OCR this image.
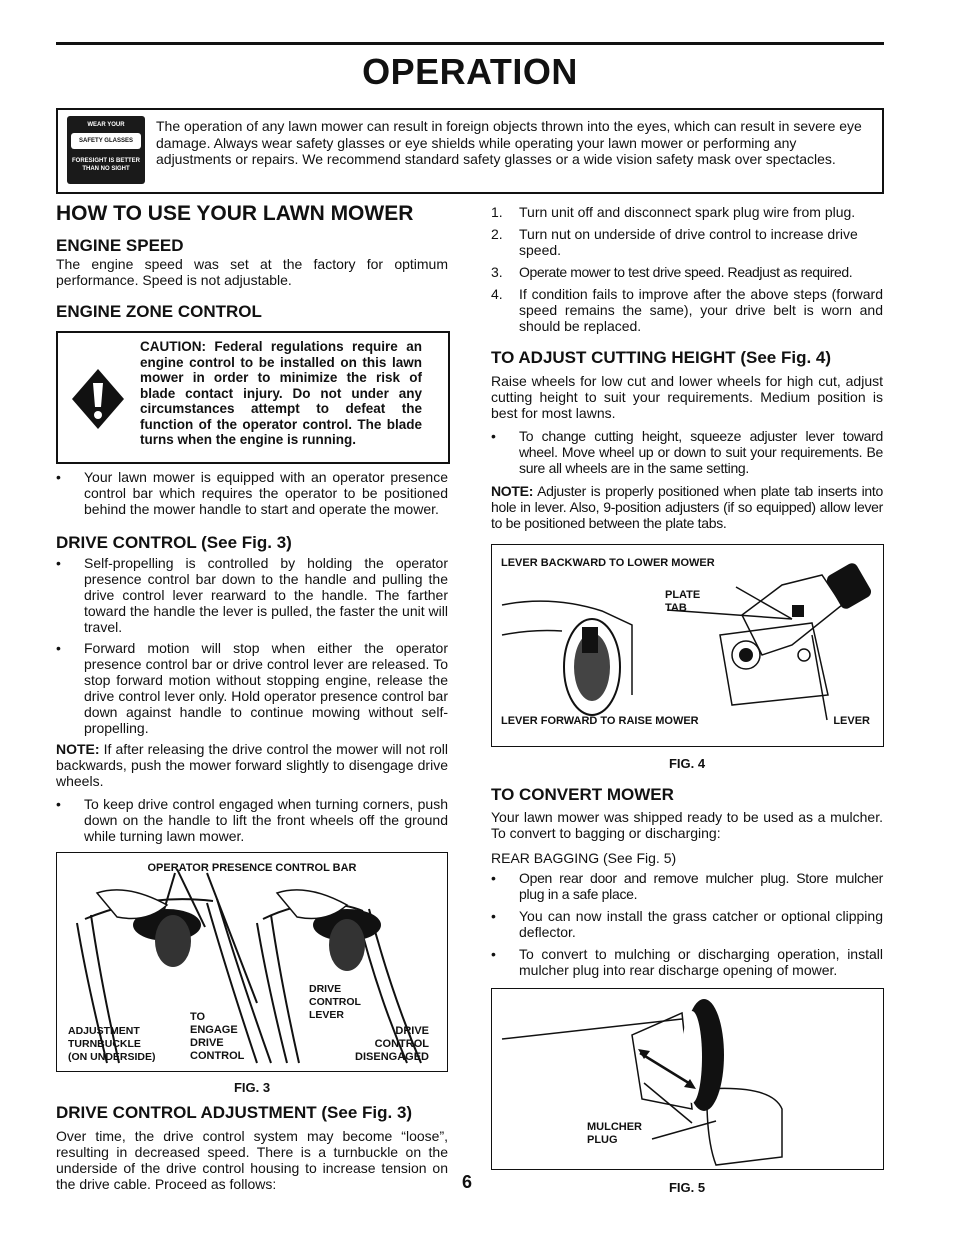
OPERATION
WEAR YOUR
SAFETY GLASSES
FORESIGHT IS BETTER
THAN NO SIGHT
The operation of any lawn mower can result in foreign objects thrown into the eyes, which can result in severe eye damage. Always wear safety glasses or eye shields while operating your lawn mower or performing any adjustments or repairs. We recommend standard safety glasses or a wide vision safety mask over spectacles.
HOW TO USE YOUR LAWN MOWER
ENGINE SPEED
The engine speed was set at the factory for optimum performance. Speed is not adjustable.
ENGINE ZONE CONTROL
CAUTION: Federal regulations require an engine control to be installed on this lawn mower in order to minimize the risk of blade contact injury. Do not under any circumstances attempt to defeat the function of the operator control. The blade turns when the engine is running.
• Your lawn mower is equipped with an operator presence control bar which requires the operator to be positioned behind the mower handle to start and operate the mower.
DRIVE CONTROL (See Fig. 3)
• Self-propelling is controlled by holding the operator presence control bar down to the handle and pulling the drive control lever rearward to the handle. The farther toward the handle the lever is pulled, the faster the unit will travel.
• Forward motion will stop when either the operator presence control bar or drive control lever are released. To stop forward motion without stopping engine, release the drive control lever only. Hold operator presence control bar down against handle to continue mowing without self-propelling.
NOTE: If after releasing the drive control the mower will not roll backwards, push the mower forward slightly to disengage drive wheels.
• To keep drive control engaged when turning corners, push down on the handle to lift the front wheels off the ground while turning lawn mower.
OPERATOR PRESENCE CONTROL BAR
ADJUSTMENT
TURNBUCKLE
(ON UNDERSIDE)
TO
ENGAGE
DRIVE
CONTROL
DRIVE
CONTROL
LEVER
DRIVE
CONTROL
DISENGAGED
FIG. 3
DRIVE CONTROL ADJUSTMENT (See Fig. 3)
Over time, the drive control system may become “loose”, resulting in decreased speed. There is a turnbuckle on the underside of the drive control housing to increase tension on the drive cable. Proceed as follows:	6
1. Turn unit off and disconnect spark plug wire from plug.
2. Turn nut on underside of drive control to increase drive speed.
3. Operate mower to test drive speed. Readjust as required.
4. If condition fails to improve after the above steps (forward speed remains the same), your drive belt is worn and should be replaced.
TO ADJUST CUTTING HEIGHT (See Fig. 4)
Raise wheels for low cut and lower wheels for high cut, adjust cutting height to suit your requirements. Medium position is best for most lawns.
• To change cutting height, squeeze adjuster lever toward wheel. Move wheel up or down to suit your requirements. Be sure all wheels are in the same setting.
NOTE: Adjuster is properly positioned when plate tab inserts into hole in lever. Also, 9-position adjusters (if so equipped) allow lever to be positioned between the plate tabs.
LEVER BACKWARD TO LOWER MOWER
PLATE
TAB
LEVER FORWARD TO RAISE MOWER	LEVER
FIG. 4
TO CONVERT MOWER
Your lawn mower was shipped ready to be used as a mulcher. To convert to bagging or discharging:
REAR BAGGING (See Fig. 5)
• Open rear door and remove mulcher plug. Store mulcher plug in a safe place.
• You can now install the grass catcher or optional clipping deflector.
• To convert to mulching or discharging operation, install mulcher plug into rear discharge opening of mower.
MULCHER
PLUG
FIG. 5
